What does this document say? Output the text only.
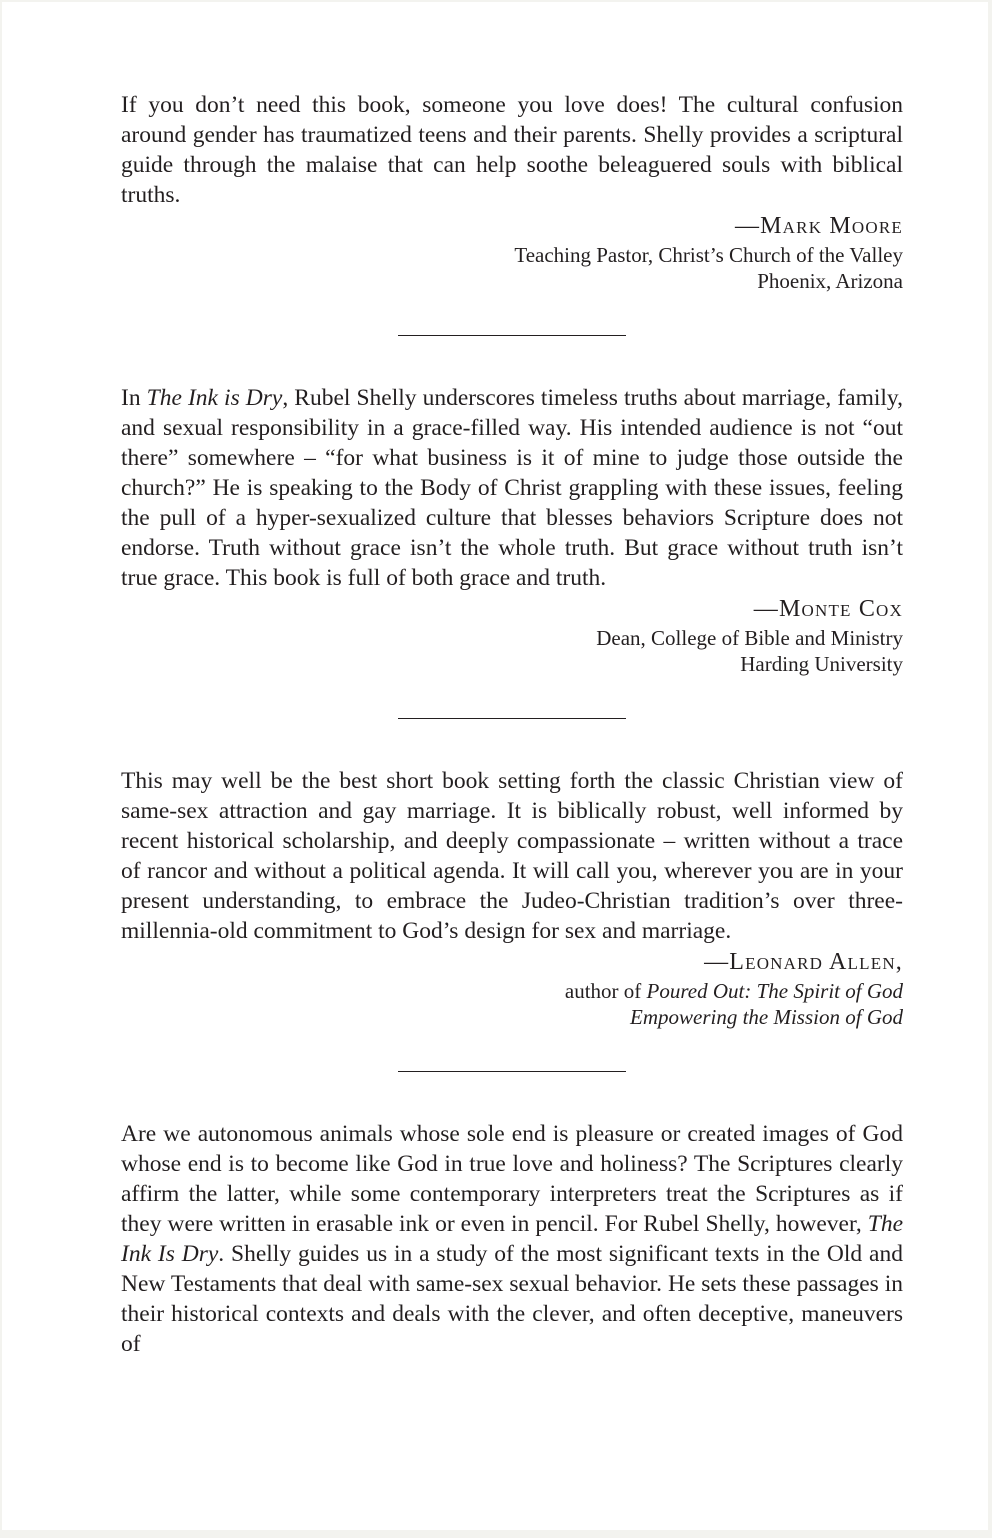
If you don’t need this book, someone you love does! The cultural confusion around gender has traumatized teens and their parents. Shelly provides a scriptural guide through the malaise that can help soothe beleaguered souls with biblical truths.

—Mark Moore
Teaching Pastor, Christ’s Church of the Valley
Phoenix, Arizona

In The Ink is Dry, Rubel Shelly underscores timeless truths about marriage, family, and sexual responsibility in a grace-filled way. His intended audience is not “out there” somewhere – “for what business is it of mine to judge those outside the church?” He is speaking to the Body of Christ grappling with these issues, feeling the pull of a hyper-sexualized culture that blesses behaviors Scripture does not endorse. Truth without grace isn’t the whole truth. But grace without truth isn’t true grace. This book is full of both grace and truth.

—Monte Cox
Dean, College of Bible and Ministry
Harding University

This may well be the best short book setting forth the classic Christian view of same-sex attraction and gay marriage. It is biblically robust, well informed by recent historical scholarship, and deeply compassionate – written without a trace of rancor and without a political agenda. It will call you, wherever you are in your present understanding, to embrace the Judeo-Christian tradition’s over three-millennia-old commitment to God’s design for sex and marriage.

—Leonard Allen,
author of Poured Out: The Spirit of God
Empowering the Mission of God

Are we autonomous animals whose sole end is pleasure or created images of God whose end is to become like God in true love and holiness? The Scriptures clearly affirm the latter, while some contemporary interpreters treat the Scriptures as if they were written in erasable ink or even in pencil. For Rubel Shelly, however, The Ink Is Dry. Shelly guides us in a study of the most significant texts in the Old and New Testaments that deal with same-sex sexual behavior. He sets these passages in their historical contexts and deals with the clever, and often deceptive, maneuvers of
